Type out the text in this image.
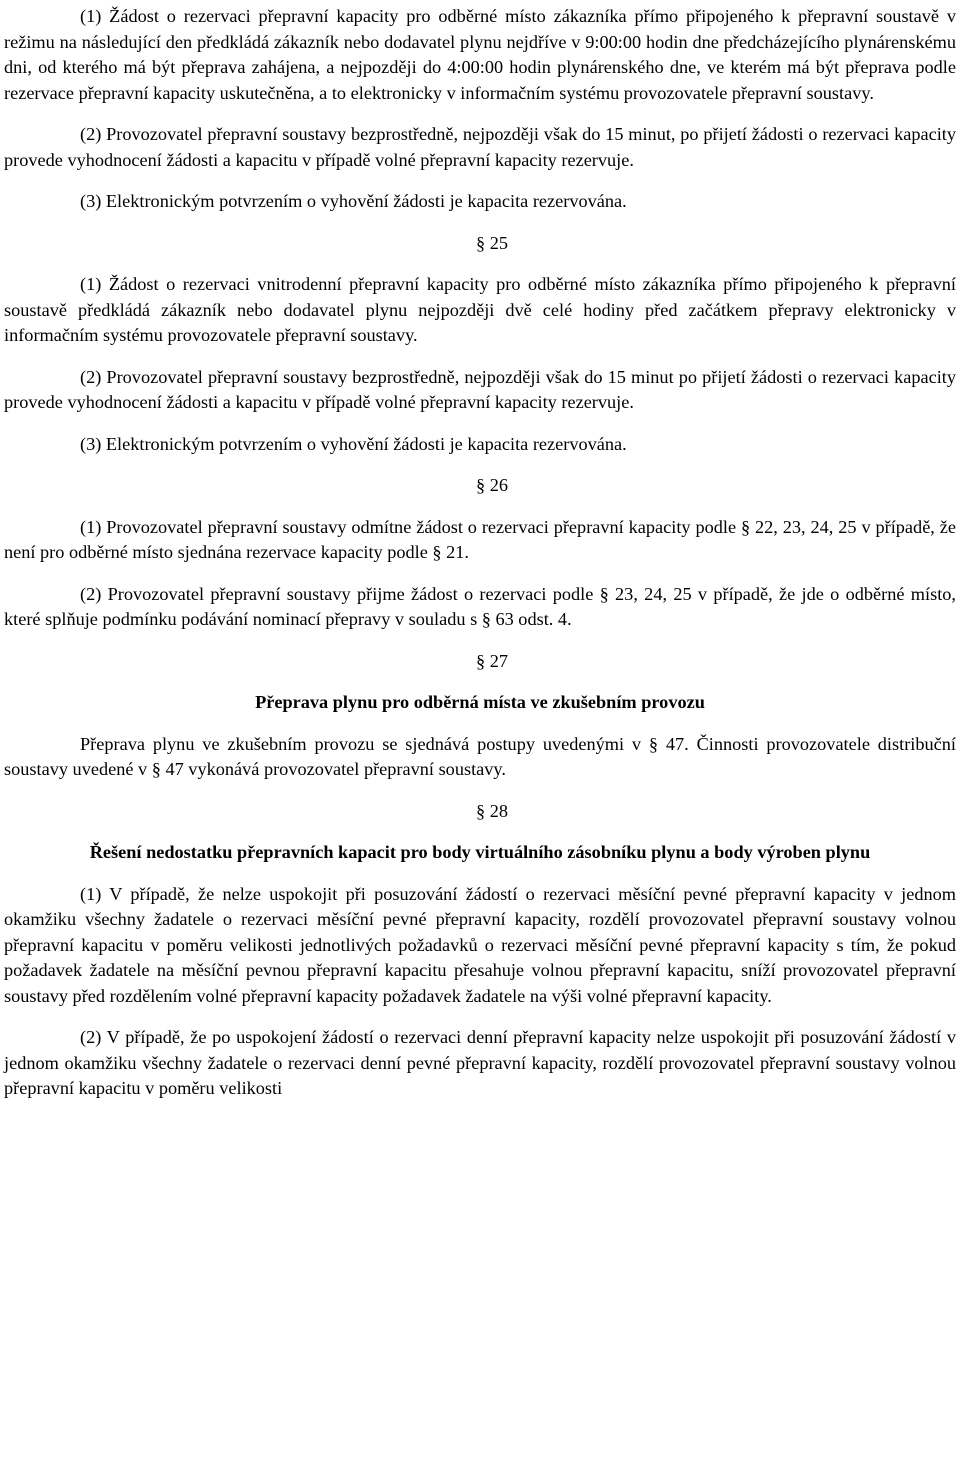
(1) Žádost o rezervaci přepravní kapacity pro odběrné místo zákazníka přímo připojeného k přepravní soustavě v režimu na následující den předkládá zákazník nebo dodavatel plynu nejdříve v 9:00:00 hodin dne předcházejícího plynárenskému dni, od kterého má být přeprava zahájena, a nejpozději do 4:00:00 hodin plynárenského dne, ve kterém má být přeprava podle rezervace přepravní kapacity uskutečněna, a to elektronicky v informačním systému provozovatele přepravní soustavy.

(2) Provozovatel přepravní soustavy bezprostředně, nejpozději však do 15 minut, po přijetí žádosti o rezervaci kapacity provede vyhodnocení žádosti a kapacitu v případě volné přepravní kapacity rezervuje.

(3) Elektronickým potvrzením o vyhovění žádosti je kapacita rezervována.

§ 25

(1) Žádost o rezervaci vnitrodenní přepravní kapacity pro odběrné místo zákazníka přímo připojeného k přepravní soustavě předkládá zákazník nebo dodavatel plynu nejpozději dvě celé hodiny před začátkem přepravy elektronicky v informačním systému provozovatele přepravní soustavy.

(2) Provozovatel přepravní soustavy bezprostředně, nejpozději však do 15 minut po přijetí žádosti o rezervaci kapacity provede vyhodnocení žádosti a kapacitu v případě volné přepravní kapacity rezervuje.

(3) Elektronickým potvrzením o vyhovění žádosti je kapacita rezervována.

§ 26

(1) Provozovatel přepravní soustavy odmítne žádost o rezervaci přepravní kapacity podle § 22, 23, 24, 25 v případě, že není pro odběrné místo sjednána rezervace kapacity podle § 21.

(2) Provozovatel přepravní soustavy přijme žádost o rezervaci podle § 23, 24, 25 v případě, že jde o odběrné místo, které splňuje podmínku podávání nominací přepravy v souladu s § 63 odst. 4.

§ 27
Přeprava plynu pro odběrná místa ve zkušebním provozu

Přeprava plynu ve zkušebním provozu se sjednává postupy uvedenými v § 47. Činnosti provozovatele distribuční soustavy uvedené v § 47 vykonává provozovatel přepravní soustavy.

§ 28
Řešení nedostatku přepravních kapacit pro body virtuálního zásobníku plynu a body výroben plynu

(1) V případě, že nelze uspokojit při posuzování žádostí o rezervaci měsíční pevné přepravní kapacity v jednom okamžiku všechny žadatele o rezervaci měsíční pevné přepravní kapacity, rozdělí provozovatel přepravní soustavy volnou přepravní kapacitu v poměru velikosti jednotlivých požadavků o rezervaci měsíční pevné přepravní kapacity s tím, že pokud požadavek žadatele na měsíční pevnou přepravní kapacitu přesahuje volnou přepravní kapacitu, sníží provozovatel přepravní soustavy před rozdělením volné přepravní kapacity požadavek žadatele na výši volné přepravní kapacity.

(2) V případě, že po uspokojení žádostí o rezervaci denní přepravní kapacity nelze uspokojit při posuzování žádostí v jednom okamžiku všechny žadatele o rezervaci denní pevné přepravní kapacity, rozdělí provozovatel přepravní soustavy volnou přepravní kapacitu v poměru velikosti
